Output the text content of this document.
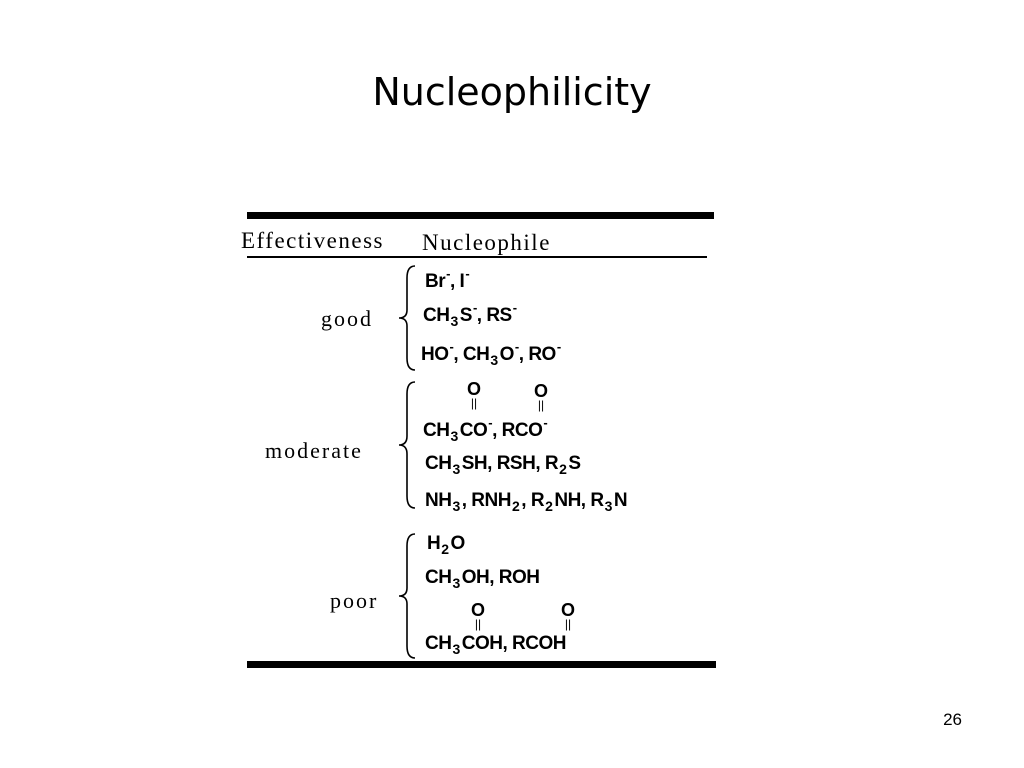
Nucleophilicity
Effectiveness Nucleophile
good
Br-, I-
$CH_3$ S-, RS-
HO-, $CH_3$ O-, RO-
moderate
O
||
O
||
$CH_3$ CO-, RCO-
$CH_3$ SH, RSH, $R_2$ S
$NH_3$ , $RNH_2$ , $R_2$ NH, $R_3$ N
poor
$H_2$ O
$CH_3$ OH, ROH
O
||
O
||
$CH_3$ COH, RCOH
26
